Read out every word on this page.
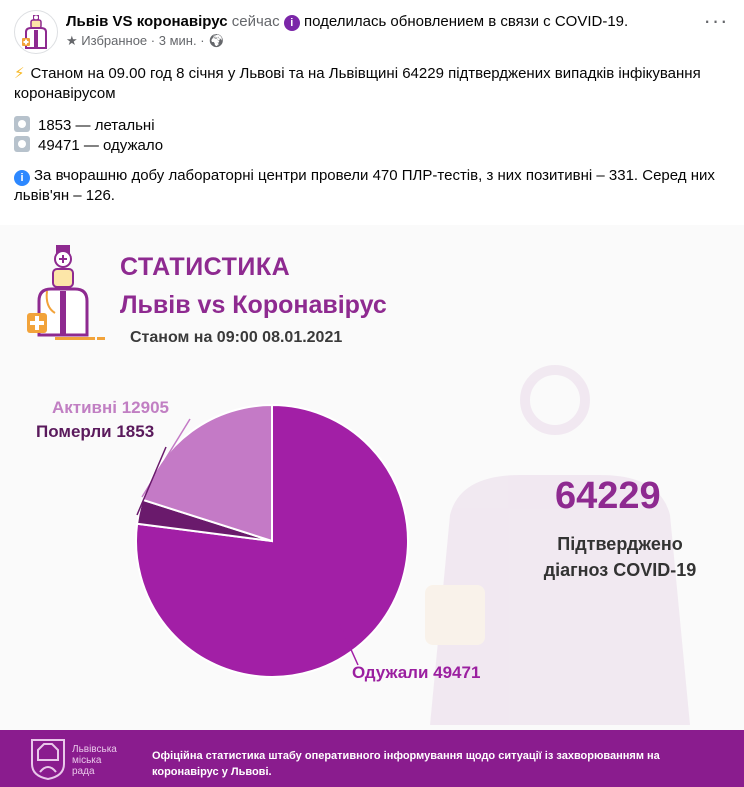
Львів VS коронавірус сейчас i поделилась обновлением в связи с COVID-19.
★ Избранное · 3 мин. · 🌍︎
···

⚡ Станом на 09.00 год 8 січня у Львові та на Львівщині 64229 підтверджених випадків інфікування коронавірусом

1853 — летальні

49471 — одужало

i За вчорашню добу лабораторні центри провели 470 ПЛР-тестів, з них позитивні – 331. Серед них львів'ян – 126.

СТАТИСТИКА
Львів vs Коронавірус
Станом на 09:00 08.01.2021
Активні 12905
Померли 1853
Одужали 49471
64229
Підтверджено
діагноз COVID-19
Львівська
міська
рада
Офіційна статистика штабу оперативного інформування щодо ситуації із захворюванням на коронавірус у Львові.
